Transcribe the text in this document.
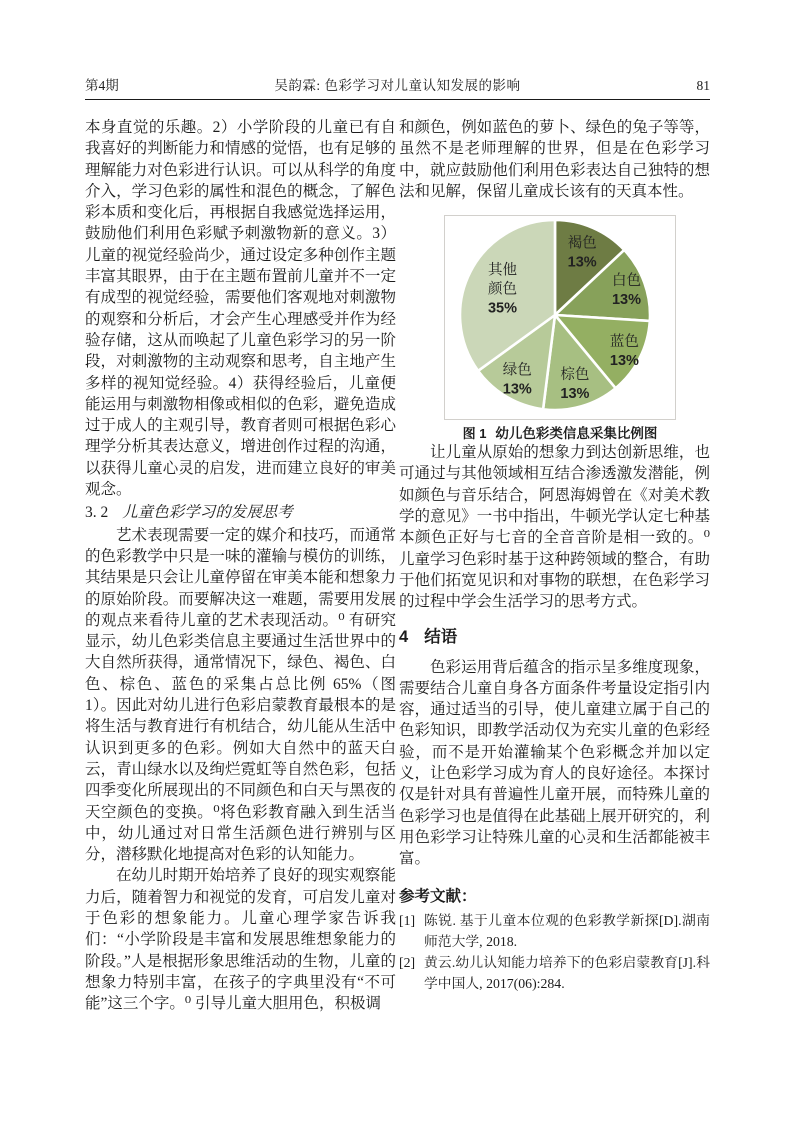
第4期	吴韵霖: 色彩学习对儿童认知发展的影响	81

本身直觉的乐趣。2）小学阶段的儿童已有自我喜好的判断能力和情感的觉悟，也有足够的理解能力对色彩进行认识。可以从科学的角度介入，学习色彩的属性和混色的概念，了解色彩本质和变化后，再根据自我感觉选择运用，鼓励他们利用色彩赋予刺激物新的意义。3）儿童的视觉经验尚少，通过设定多种创作主题丰富其眼界，由于在主题布置前儿童并不一定有成型的视觉经验，需要他们客观地对刺激物的观察和分析后，才会产生心理感受并作为经验存储，这从而唤起了儿童色彩学习的另一阶段，对刺激物的主动观察和思考，自主地产生多样的视知觉经验。4）获得经验后，儿童便能运用与刺激物相像或相似的色彩，避免造成过于成人的主观引导，教育者则可根据色彩心理学分析其表达意义，增进创作过程的沟通，以获得儿童心灵的启发，进而建立良好的审美观念。

3. 2 儿童色彩学习的发展思考

艺术表现需要一定的媒介和技巧，而通常的色彩教学中只是一味的灌输与模仿的训练，其结果是只会让儿童停留在审美本能和想象力的原始阶段。而要解决这一难题，需要用发展的观点来看待儿童的艺术表现活动。⁰ 有研究显示，幼儿色彩类信息主要通过生活世界中的大自然所获得，通常情况下，绿色、褐色、白色、棕色、蓝色的采集占总比例 65%（图 1）。因此对幼儿进行色彩启蒙教育最根本的是将生活与教育进行有机结合，幼儿能从生活中认识到更多的色彩。例如大自然中的蓝天白云，青山绿水以及绚烂霓虹等自然色彩，包括四季变化所展现出的不同颜色和白天与黑夜的天空颜色的变换。⁰将色彩教育融入到生活当中，幼儿通过对日常生活颜色进行辨别与区分，潜移默化地提高对色彩的认知能力。

在幼儿时期开始培养了良好的现实观察能力后，随着智力和视觉的发育，可启发儿童对于色彩的想象能力。儿童心理学家告诉我们：“小学阶段是丰富和发展思维想象能力的阶段。”人是根据形象思维活动的生物，儿童的想象力特别丰富，在孩子的字典里没有“不可能”这三个字。⁰ 引导儿童大胆用色，积极调

和颜色，例如蓝色的萝卜、绿色的兔子等等，虽然不是老师理解的世界，但是在色彩学习中，就应鼓励他们利用色彩表达自己独特的想法和见解，保留儿童成长该有的天真本性。

褐色 13%
白色 13%
蓝色 13%
棕色 13%
绿色 13%
其他颜色 35%
图 1 幼儿色彩类信息采集比例图

让儿童从原始的想象力到达创新思维，也可通过与其他领域相互结合渗透激发潜能，例如颜色与音乐结合，阿恩海姆曾在《对美术教学的意见》一书中指出，牛顿光学认定七种基本颜色正好与七音的全音音阶是相一致的。⁰儿童学习色彩时基于这种跨领域的整合，有助于他们拓宽见识和对事物的联想，在色彩学习的过程中学会生活学习的思考方式。

4 结语

色彩运用背后蕴含的指示呈多维度现象，需要结合儿童自身各方面条件考量设定指引内容，通过适当的引导，使儿童建立属于自己的色彩知识，即教学活动仅为充实儿童的色彩经验，而不是开始灌输某个色彩概念并加以定义，让色彩学习成为育人的良好途径。本探讨仅是针对具有普遍性儿童开展，而特殊儿童的色彩学习也是值得在此基础上展开研究的，利用色彩学习让特殊儿童的心灵和生活都能被丰富。

参考文献：
[1] 陈锐. 基于儿童本位观的色彩教学新探[D].湖南师范大学, 2018.
[2] 黄云.幼儿认知能力培养下的色彩启蒙教育[J].科学中国人, 2017(06):284.
